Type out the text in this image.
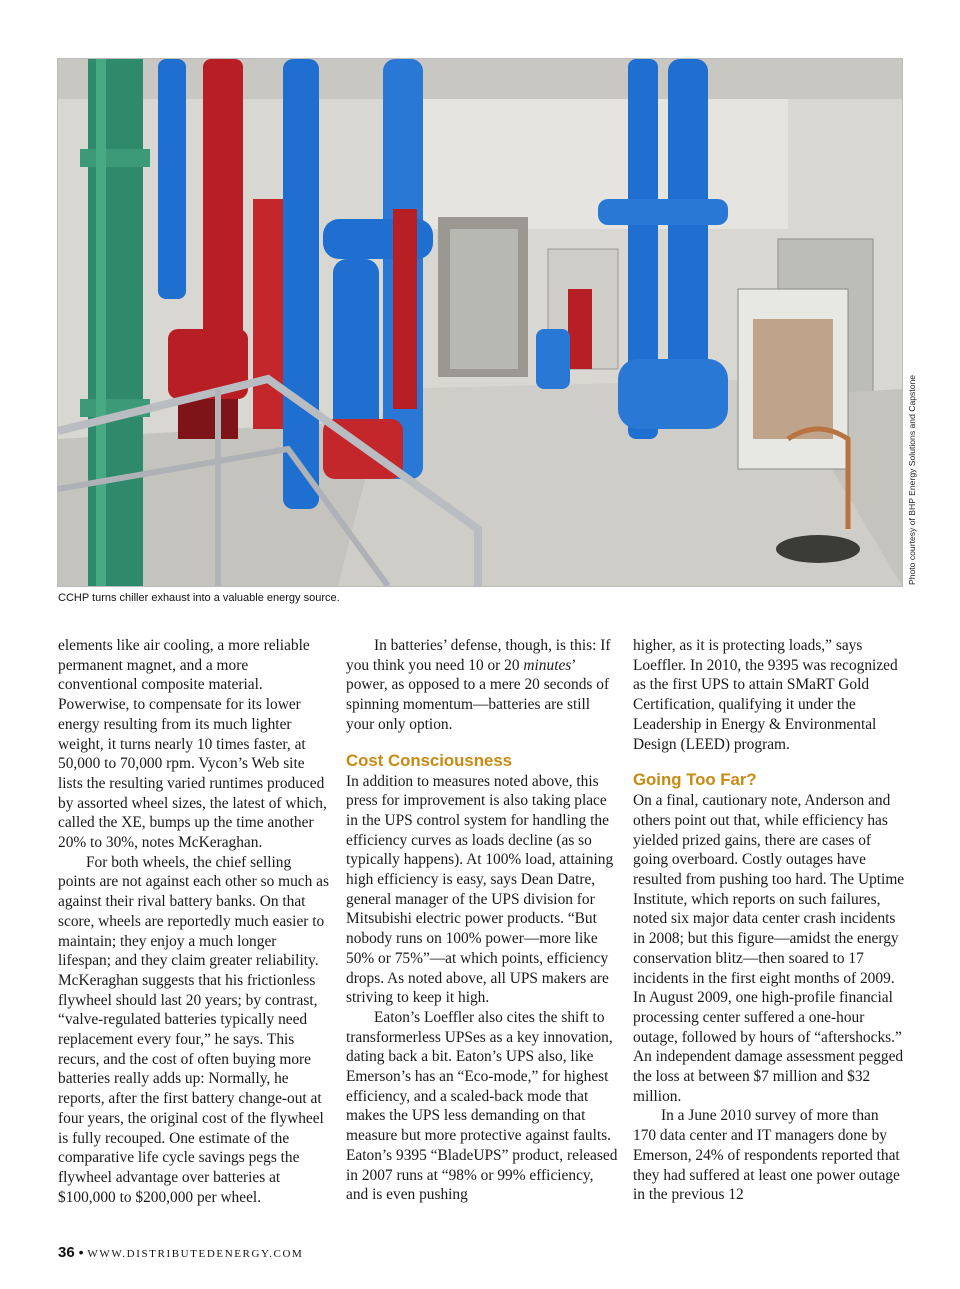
Photo courtesy of BHP Energy Solutions and Capstone
CCHP turns chiller exhaust into a valuable energy source.

elements like air cooling, a more reliable permanent magnet, and a more conventional composite material. Powerwise, to compensate for its lower energy resulting from its much lighter weight, it turns nearly 10 times faster, at 50,000 to 70,000 rpm. Vycon’s Web site lists the resulting varied runtimes produced by assorted wheel sizes, the latest of which, called the XE, bumps up the time another 20% to 30%, notes McKeraghan.

For both wheels, the chief selling points are not against each other so much as against their rival battery banks. On that score, wheels are reportedly much easier to maintain; they enjoy a much longer lifespan; and they claim greater reliability. McKeraghan suggests that his frictionless flywheel should last 20 years; by contrast, “valve-regulated batteries typically need replacement every four,” he says. This recurs, and the cost of often buying more batteries really adds up: Normally, he reports, after the first battery change-out at four years, the original cost of the flywheel is fully recouped. One estimate of the comparative life cycle savings pegs the flywheel advantage over batteries at $100,000 to $200,000 per wheel.

In batteries’ defense, though, is this: If you think you need 10 or 20 minutes’ power, as opposed to a mere 20 seconds of spinning momentum—batteries are still your only option.

Cost Consciousness

In addition to measures noted above, this press for improvement is also taking place in the UPS control system for handling the efficiency curves as loads decline (as so typically happens). At 100% load, attaining high efficiency is easy, says Dean Datre, general manager of the UPS division for Mitsubishi electric power products. “But nobody runs on 100% power—more like 50% or 75%”—at which points, efficiency drops. As noted above, all UPS makers are striving to keep it high.

Eaton’s Loeffler also cites the shift to transformerless UPSes as a key innovation, dating back a bit. Eaton’s UPS also, like Emerson’s has an “Eco-mode,” for highest efficiency, and a scaled-back mode that makes the UPS less demanding on that measure but more protective against faults. Eaton’s 9395 “BladeUPS” product, released in 2007 runs at “98% or 99% efficiency, and is even pushing

higher, as it is protecting loads,” says Loeffler. In 2010, the 9395 was recognized as the first UPS to attain SMaRT Gold Certification, qualifying it under the Leadership in Energy & Environmental Design (LEED) program.

Going Too Far?

On a final, cautionary note, Anderson and others point out that, while efficiency has yielded prized gains, there are cases of going overboard. Costly outages have resulted from pushing too hard. The Uptime Institute, which reports on such failures, noted six major data center crash incidents in 2008; but this figure—amidst the energy conservation blitz—then soared to 17 incidents in the first eight months of 2009. In August 2009, one high-profile financial processing center suffered a one-hour outage, followed by hours of “aftershocks.” An independent damage assessment pegged the loss at between $7 million and $32 million.

In a June 2010 survey of more than 170 data center and IT managers done by Emerson, 24% of respondents reported that they had suffered at least one power outage in the previous 12

36 • WWW.DISTRIBUTEDENERGY.COM
